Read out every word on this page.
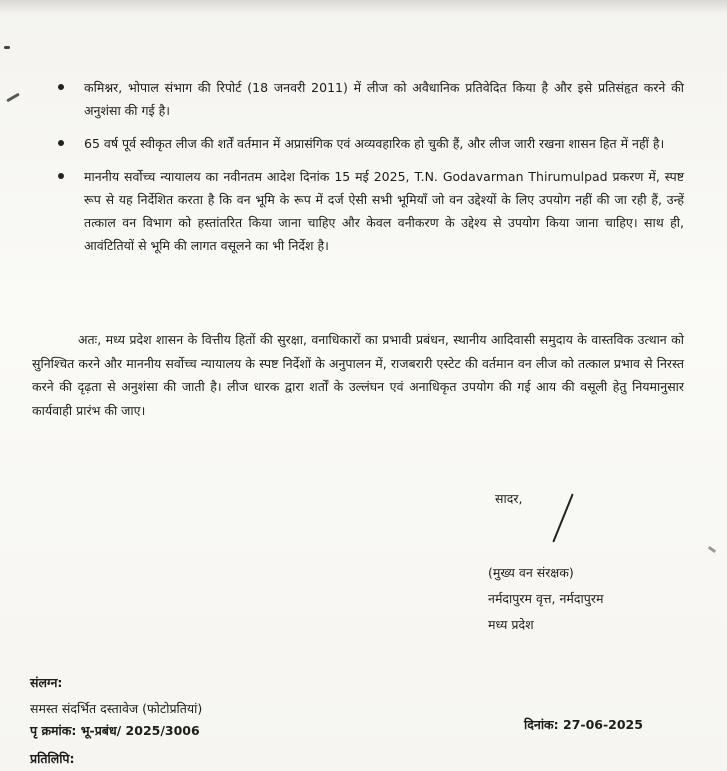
कमिश्नर, भोपाल संभाग की रिपोर्ट (18 जनवरी 2011) में लीज को अवैधानिक प्रतिवेदित किया है और इसे प्रतिसंहृत करने की अनुशंसा की गई है।
65 वर्ष पूर्व स्वीकृत लीज की शर्तें वर्तमान में अप्रासंगिक एवं अव्यवहारिक हो चुकी हैं, और लीज जारी रखना शासन हित में नहीं है।
माननीय सर्वोच्च न्यायालय का नवीनतम आदेश दिनांक 15 मई 2025, T.N. Godavarman Thirumulpad प्रकरण में, स्पष्ट रूप से यह निर्देशित करता है कि वन भूमि के रूप में दर्ज ऐसी सभी भूमियाँ जो वन उद्देश्यों के लिए उपयोग नहीं की जा रही हैं, उन्हें तत्काल वन विभाग को हस्तांतरित किया जाना चाहिए और केवल वनीकरण के उद्देश्य से उपयोग किया जाना चाहिए। साथ ही, आवंटितियों से भूमि की लागत वसूलने का भी निर्देश है।
अतः, मध्य प्रदेश शासन के वित्तीय हितों की सुरक्षा, वनाधिकारों का प्रभावी प्रबंधन, स्थानीय आदिवासी समुदाय के वास्तविक उत्थान को सुनिश्चित करने और माननीय सर्वोच्च न्यायालय के स्पष्ट निर्देशों के अनुपालन में, राजबरारी एस्टेट की वर्तमान वन लीज को तत्काल प्रभाव से निरस्त करने की दृढ़ता से अनुशंसा की जाती है। लीज धारक द्वारा शर्तों के उल्लंघन एवं अनाधिकृत उपयोग की गई आय की वसूली हेतु नियमानुसार कार्यवाही प्रारंभ की जाए।
सादर,
(मुख्य वन संरक्षक)
नर्मदापुरम वृत्त, नर्मदापुरम
मध्य प्रदेश
संलग्न:
समस्त संदर्भित दस्तावेज (फोटोप्रतियां)
दिनांक: 27-06-2025
पृ क्रमांक: भू-प्रबंध/ 2025/3006
प्रतिलिपि:
